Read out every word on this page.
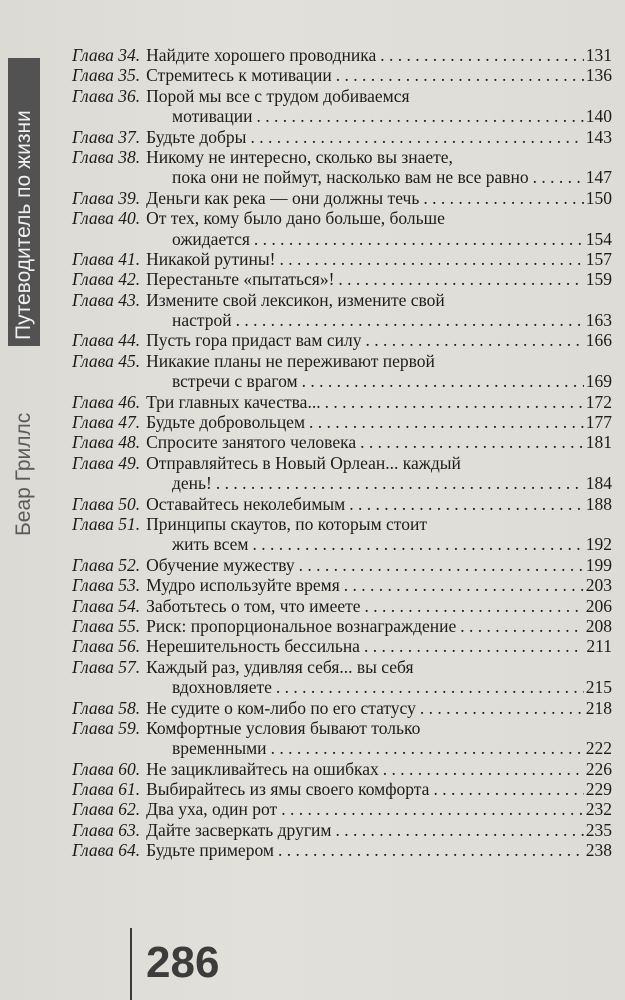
Путеводитель по жизни
Беар Гриллс
Глава 34. Найдите хорошего проводника . . .	131
Глава 35. Стремитесь к мотивации . . .	136
Глава 36. Порой мы все с трудом добиваемся
мотивации . . .	140
Глава 37. Будьте добры . . .	143
Глава 38. Никому не интересно, сколько вы знаете,
пока они не поймут, насколько вам не все равно . . .	147
Глава 39. Деньги как река — они должны течь . . .	150
Глава 40. От тех, кому было дано больше, больше
ожидается . . .	154
Глава 41. Никакой рутины! . . .	157
Глава 42. Перестаньте «пытаться»! . . .	159
Глава 43. Измените свой лексикон, измените свой
настрой . . .	163
Глава 44. Пусть гора придаст вам силу . . .	166
Глава 45. Никакие планы не переживают первой
встречи с врагом . . .	169
Глава 46. Три главных качества... . . .	172
Глава 47. Будьте добровольцем . . .	177
Глава 48. Спросите занятого человека . . .	181
Глава 49. Отправляйтесь в Новый Орлеан... каждый
день! . . .	184
Глава 50. Оставайтесь неколебимым . . .	188
Глава 51. Принципы скаутов, по которым стоит
жить всем . . .	192
Глава 52. Обучение мужеству . . .	199
Глава 53. Мудро используйте время . . .	203
Глава 54. Заботьтесь о том, что имеете . . .	206
Глава 55. Риск: пропорциональное вознаграждение . . .	208
Глава 56. Нерешительность бессильна . . .	211
Глава 57. Каждый раз, удивляя себя... вы себя
вдохновляете . . .	215
Глава 58. Не судите о ком-либо по его статусу . . .	218
Глава 59. Комфортные условия бывают только
временными . . .	222
Глава 60. Не зацикливайтесь на ошибках . . .	226
Глава 61. Выбирайтесь из ямы своего комфорта . . .	229
Глава 62. Два уха, один рот . . .	232
Глава 63. Дайте засверкать другим . . .	235
Глава 64. Будьте примером . . .	238
286
